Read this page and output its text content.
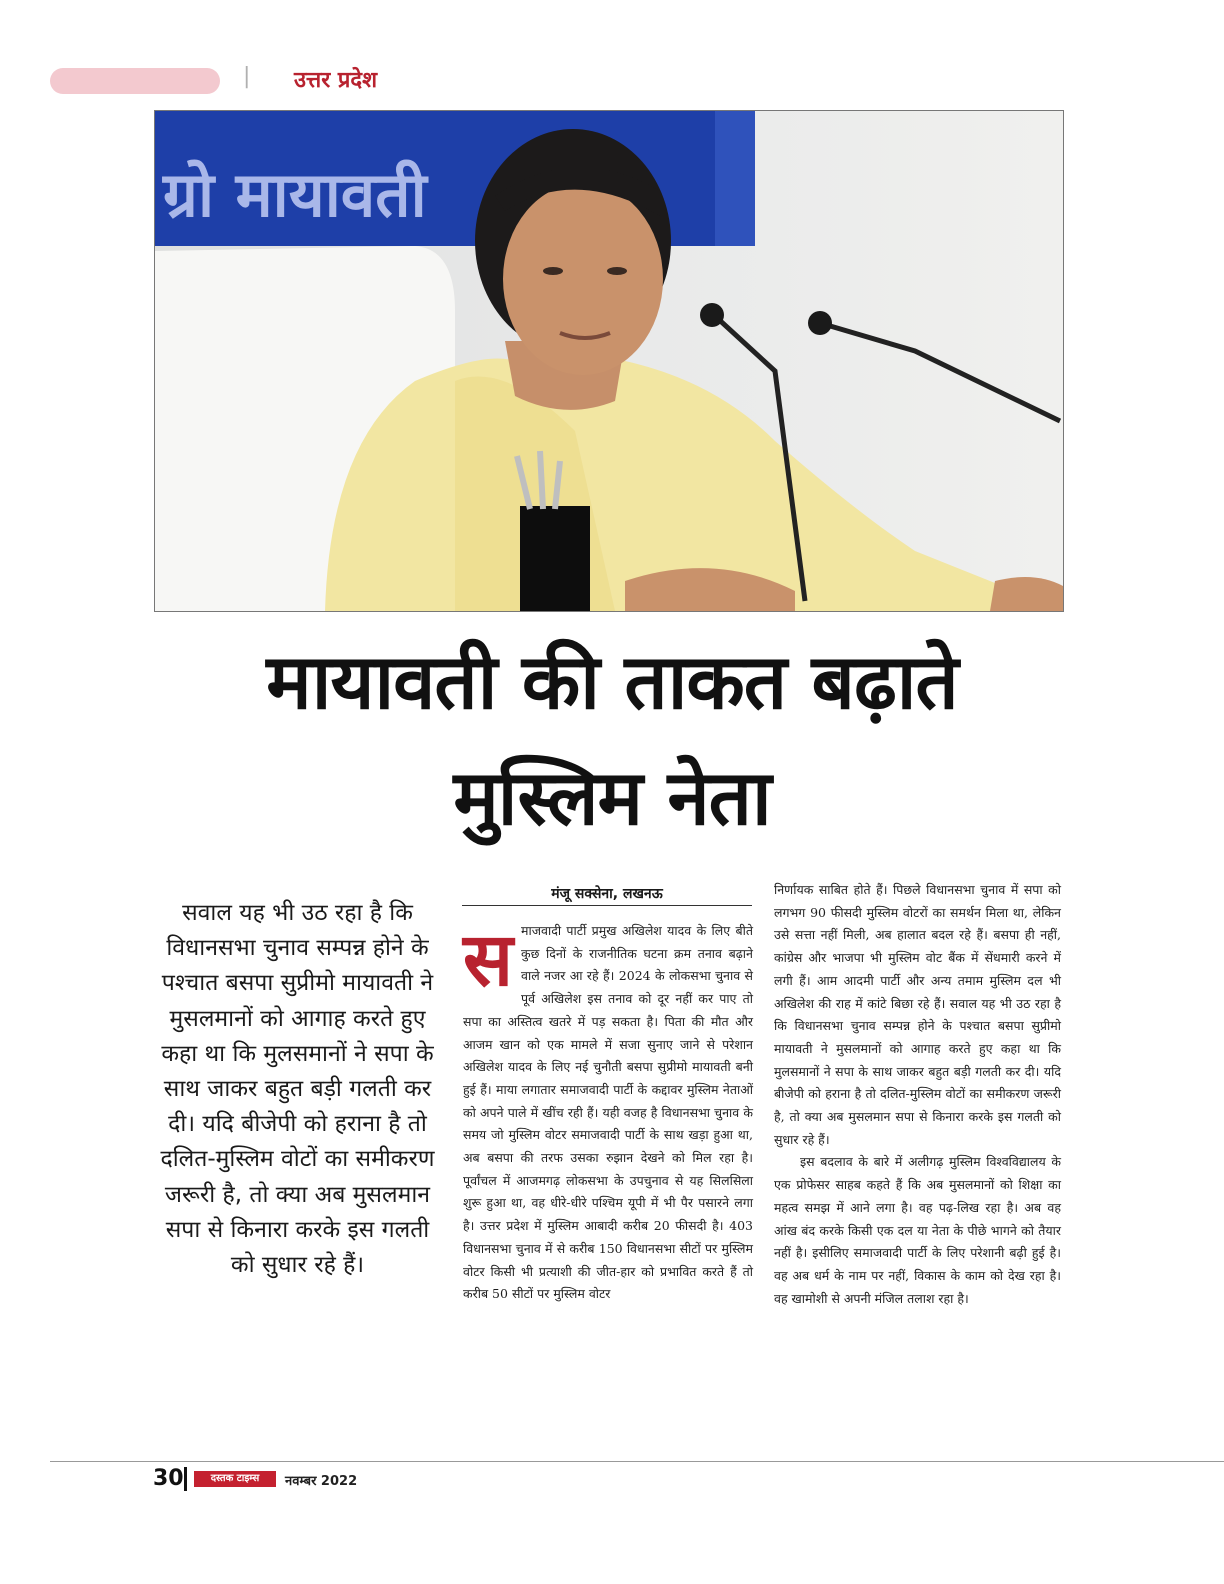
| उत्तर प्रदेश
ग्रो मायावती
मायावती की ताकत बढ़ाते
मुस्लिम नेता
सवाल यह भी उठ रहा है कि विधानसभा चुनाव सम्पन्न होने के पश्चात बसपा सुप्रीमो मायावती ने मुसलमानों को आगाह करते हुए कहा था कि मुलसमानों ने सपा के साथ जाकर बहुत बड़ी गलती कर दी। यदि बीजेपी को हराना है तो दलित-मुस्लिम वोटों का समीकरण जरूरी है, तो क्या अब मुसलमान सपा से किनारा करके इस गलती को सुधार रहे हैं।
मंजू सक्सेना, लखनऊ
समाजवादी पार्टी प्रमुख अखिलेश यादव के लिए बीते कुछ दिनों के राजनीतिक घटना क्रम तनाव बढ़ाने वाले नजर आ रहे हैं। 2024 के लोकसभा चुनाव से पूर्व अखिलेश इस तनाव को दूर नहीं कर पाए तो सपा का अस्तित्व खतरे में पड़ सकता है। पिता की मौत और आजम खान को एक मामले में सजा सुनाए जाने से परेशान अखिलेश यादव के लिए नई चुनौती बसपा सुप्रीमो मायावती बनी हुई हैं। माया लगातार समाजवादी पार्टी के कद्दावर मुस्लिम नेताओं को अपने पाले में खींच रही हैं। यही वजह है विधानसभा चुनाव के समय जो मुस्लिम वोटर समाजवादी पार्टी के साथ खड़ा हुआ था, अब बसपा की तरफ उसका रुझान देखने को मिल रहा है। पूर्वांचल में आजमगढ़ लोकसभा के उपचुनाव से यह सिलसिला शुरू हुआ था, वह धीरे-धीरे पश्चिम यूपी में भी पैर पसारने लगा है। उत्तर प्रदेश में मुस्लिम आबादी करीब 20 फीसदी है। 403 विधानसभा चुनाव में से करीब 150 विधानसभा सीटों पर मुस्लिम वोटर किसी भी प्रत्याशी की जीत-हार को प्रभावित करते हैं तो करीब 50 सीटों पर मुस्लिम वोटर
निर्णायक साबित होते हैं। पिछले विधानसभा चुनाव में सपा को लगभग 90 फीसदी मुस्लिम वोटरों का समर्थन मिला था, लेकिन उसे सत्ता नहीं मिली, अब हालात बदल रहे हैं। बसपा ही नहीं, कांग्रेस और भाजपा भी मुस्लिम वोट बैंक में सेंधमारी करने में लगी हैं। आम आदमी पार्टी और अन्य तमाम मुस्लिम दल भी अखिलेश की राह में कांटे बिछा रहे हैं। सवाल यह भी उठ रहा है कि विधानसभा चुनाव सम्पन्न होने के पश्चात बसपा सुप्रीमो मायावती ने मुसलमानों को आगाह करते हुए कहा था कि मुलसमानों ने सपा के साथ जाकर बहुत बड़ी गलती कर दी। यदि बीजेपी को हराना है तो दलित-मुस्लिम वोटों का समीकरण जरूरी है, तो क्या अब मुसलमान सपा से किनारा करके इस गलती को सुधार रहे हैं।
इस बदलाव के बारे में अलीगढ़ मुस्लिम विश्वविद्यालय के एक प्रोफेसर साहब कहते हैं कि अब मुसलमानों को शिक्षा का महत्व समझ में आने लगा है। वह पढ़-लिख रहा है। अब वह आंख बंद करके किसी एक दल या नेता के पीछे भागने को तैयार नहीं है। इसीलिए समाजवादी पार्टी के लिए परेशानी बढ़ी हुई है। वह अब धर्म के नाम पर नहीं, विकास के काम को देख रहा है। वह खामोशी से अपनी मंजिल तलाश रहा है।
30	दस्तक टाइम्स	नवम्बर 2022
